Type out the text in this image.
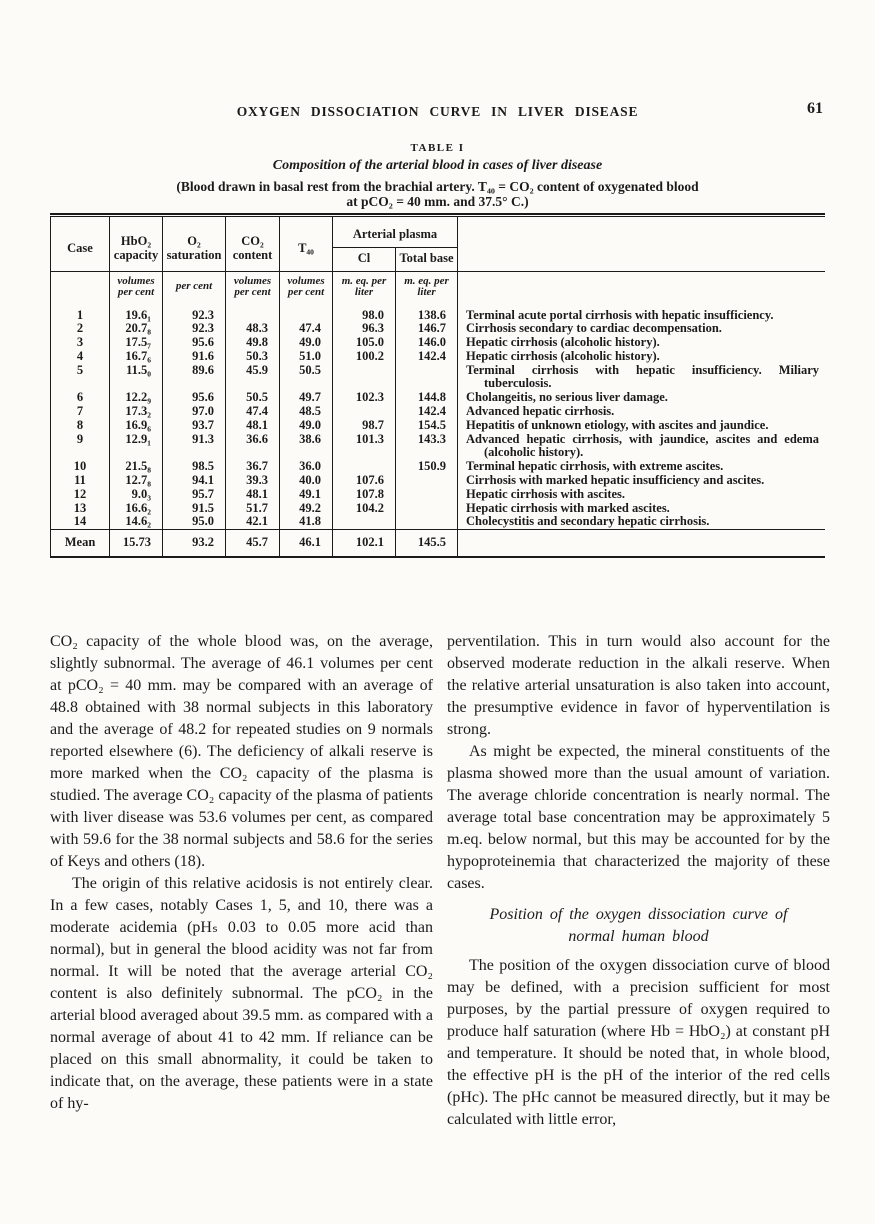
OXYGEN DISSOCIATION CURVE IN LIVER DISEASE	61
TABLE I
Composition of the arterial blood in cases of liver disease
(Blood drawn in basal rest from the brachial artery. T₄₀ = CO₂ content of oxygenated blood
at pCO₂ = 40 mm. and 37.5° C.)
Case	HbO₂ capacity	O₂ saturation	CO₂ content	T₄₀	Arterial plasma		
					Cl	Total base	
	volumes per cent	per cent	volumes per cent	volumes per cent	m. eq. per liter	m. eq. per liter	
1	19.6₁	92.3			98.0	138.6	Terminal acute portal cirrhosis with hepatic insufficiency.
2	20.7₈	92.3	48.3	47.4	96.3	146.7	Cirrhosis secondary to cardiac decompensation.
3	17.5₇	95.6	49.8	49.0	105.0	146.0	Hepatic cirrhosis (alcoholic history).
4	16.7₆	91.6	50.3	51.0	100.2	142.4	Hepatic cirrhosis (alcoholic history).
5	11.5₀	89.6	45.9	50.5			Terminal cirrhosis with hepatic insufficiency. Miliary tuberculosis.
6	12.2₉	95.6	50.5	49.7	102.3	144.8	Cholangeitis, no serious liver damage.
7	17.3₂	97.0	47.4	48.5		142.4	Advanced hepatic cirrhosis.
8	16.9₆	93.7	48.1	49.0	98.7	154.5	Hepatitis of unknown etiology, with ascites and jaundice.
9	12.9₁	91.3	36.6	38.6	101.3	143.3	Advanced hepatic cirrhosis, with jaundice, ascites and edema (alcoholic history).
10	21.5₈	98.5	36.7	36.0		150.9	Terminal hepatic cirrhosis, with extreme ascites.
11	12.7₈	94.1	39.3	40.0	107.6		Cirrhosis with marked hepatic insufficiency and ascites.
12	9.0₃	95.7	48.1	49.1	107.8		Hepatic cirrhosis with ascites.
13	16.6₂	91.5	51.7	49.2	104.2		Hepatic cirrhosis with marked ascites.
14	14.6₂	95.0	42.1	41.8			Cholecystitis and secondary hepatic cirrhosis.
Mean	15.73	93.2	45.7	46.1	102.1	145.5	

CO₂ capacity of the whole blood was, on the average, slightly subnormal. The average of 46.1 volumes per cent at pCO₂ = 40 mm. may be compared with an average of 48.8 obtained with 38 normal subjects in this laboratory and the average of 48.2 for repeated studies on 9 normals reported elsewhere (6). The deficiency of alkali reserve is more marked when the CO₂ capacity of the plasma is studied. The average CO₂ capacity of the plasma of patients with liver disease was 53.6 volumes per cent, as compared with 59.6 for the 38 normal subjects and 58.6 for the series of Keys and others (18).

The origin of this relative acidosis is not entirely clear. In a few cases, notably Cases 1, 5, and 10, there was a moderate acidemia (pHₛ 0.03 to 0.05 more acid than normal), but in general the blood acidity was not far from normal. It will be noted that the average arterial CO₂ content is also definitely subnormal. The pCO₂ in the arterial blood averaged about 39.5 mm. as compared with a normal average of about 41 to 42 mm. If reliance can be placed on this small abnormality, it could be taken to indicate that, on the average, these patients were in a state of hy-

perventilation. This in turn would also account for the observed moderate reduction in the alkali reserve. When the relative arterial unsaturation is also taken into account, the presumptive evidence in favor of hyperventilation is strong.

As might be expected, the mineral constituents of the plasma showed more than the usual amount of variation. The average chloride concentration is nearly normal. The average total base concentration may be approximately 5 m.eq. below normal, but this may be accounted for by the hypoproteinemia that characterized the majority of these cases.

Position of the oxygen dissociation curve of normal human blood

The position of the oxygen dissociation curve of blood may be defined, with a precision sufficient for most purposes, by the partial pressure of oxygen required to produce half saturation (where Hb = HbO₂) at constant pH and temperature. It should be noted that, in whole blood, the effective pH is the pH of the interior of the red cells (pHc). The pHc cannot be measured directly, but it may be calculated with little error,
